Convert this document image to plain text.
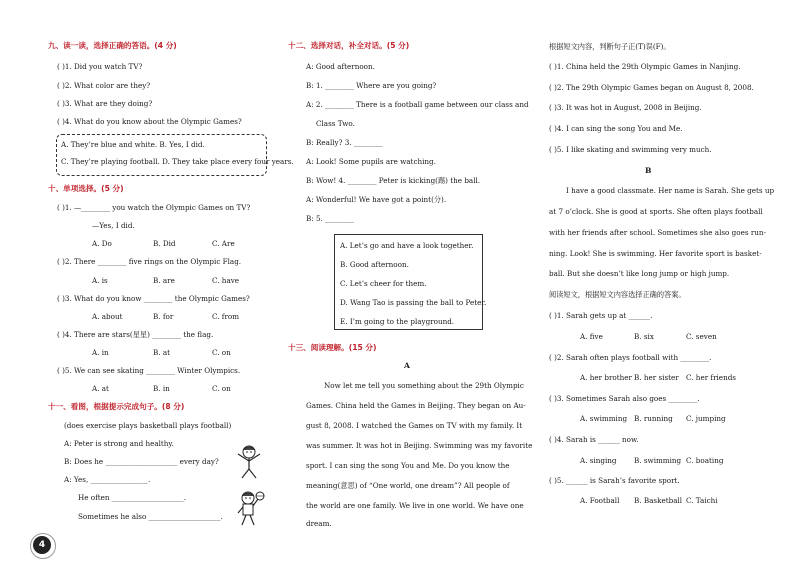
九、读一读，选择正确的答语。(4 分)
( )1. Did you watch TV?
( )2. What color are they?
( )3. What are they doing?
( )4. What do you know about the Olympic Games?
A. They’re blue and white. B. Yes, I did.
C. They’re playing football. D. They take place every four years.
十、单项选择。(5 分)
( )1. —________ you watch the Olympic Games on TV?
—Yes, I did.
A. Do	B. Did	C. Are
( )2. There ________ five rings on the Olympic Flag.
A. is	B. are	C. have
( )3. What do you know ________ the Olympic Games?
A. about	B. for	C. from
( )4. There are stars(星星) ________ the flag.
A. in	B. at	C. on
( )5. We can see skating ________ Winter Olympics.
A. at	B. in	C. on
十一、看图，根据提示完成句子。(8 分)
(does exercise plays basketball plays football)
A: Peter is strong and healthy.
B: Does he ____________________ every day?
A: Yes, ________________.
He often ____________________.
Sometimes he also ____________________.
十二、选择对话，补全对话。(5 分)
A: Good afternoon.
B: 1. ________ Where are you going?
A: 2. ________ There is a football game between our class and
Class Two.
B: Really? 3. ________
A: Look! Some pupils are watching.
B: Wow! 4. ________ Peter is kicking(踢) the ball.
A: Wonderful! We have got a point(分).
B: 5. ________
A. Let’s go and have a look together.
B. Good afternoon.
C. Let’s cheer for them.
D. Wang Tao is passing the ball to Peter.
E. I’m going to the playground.
十三、阅读理解。(15 分)
A
Now let me tell you something about the 29th Olympic
Games. China held the Games in Beijing. They began on Au-
gust 8, 2008. I watched the Games on TV with my family. It
was summer. It was hot in Beijing. Swimming was my favorite
sport. I can sing the song You and Me. Do you know the
meaning(意思) of “One world, one dream”? All people of
the world are one family. We live in one world. We have one
dream.
根据短文内容，判断句子正(T)误(F)。
( )1. China held the 29th Olympic Games in Nanjing.
( )2. The 29th Olympic Games began on August 8, 2008.
( )3. It was hot in August, 2008 in Beijing.
( )4. I can sing the song You and Me.
( )5. I like skating and swimming very much.
B
I have a good classmate. Her name is Sarah. She gets up
at 7 o’clock. She is good at sports. She often plays football
with her friends after school. Sometimes she also goes run-
ning. Look! She is swimming. Her favorite sport is basket-
ball. But she doesn’t like long jump or high jump.
阅读短文，根据短文内容选择正确的答案。
( )1. Sarah gets up at ______.
A. five	B. six	C. seven
( )2. Sarah often plays football with ________.
A. her brother B. her sister C. her friends
( )3. Sometimes Sarah also goes ________.
A. swimming B. running C. jumping
( )4. Sarah is ______ now.
A. singing B. swimming C. boating
( )5. ______ is Sarah’s favorite sport.
A. Football B. Basketball C. Taichi
4
